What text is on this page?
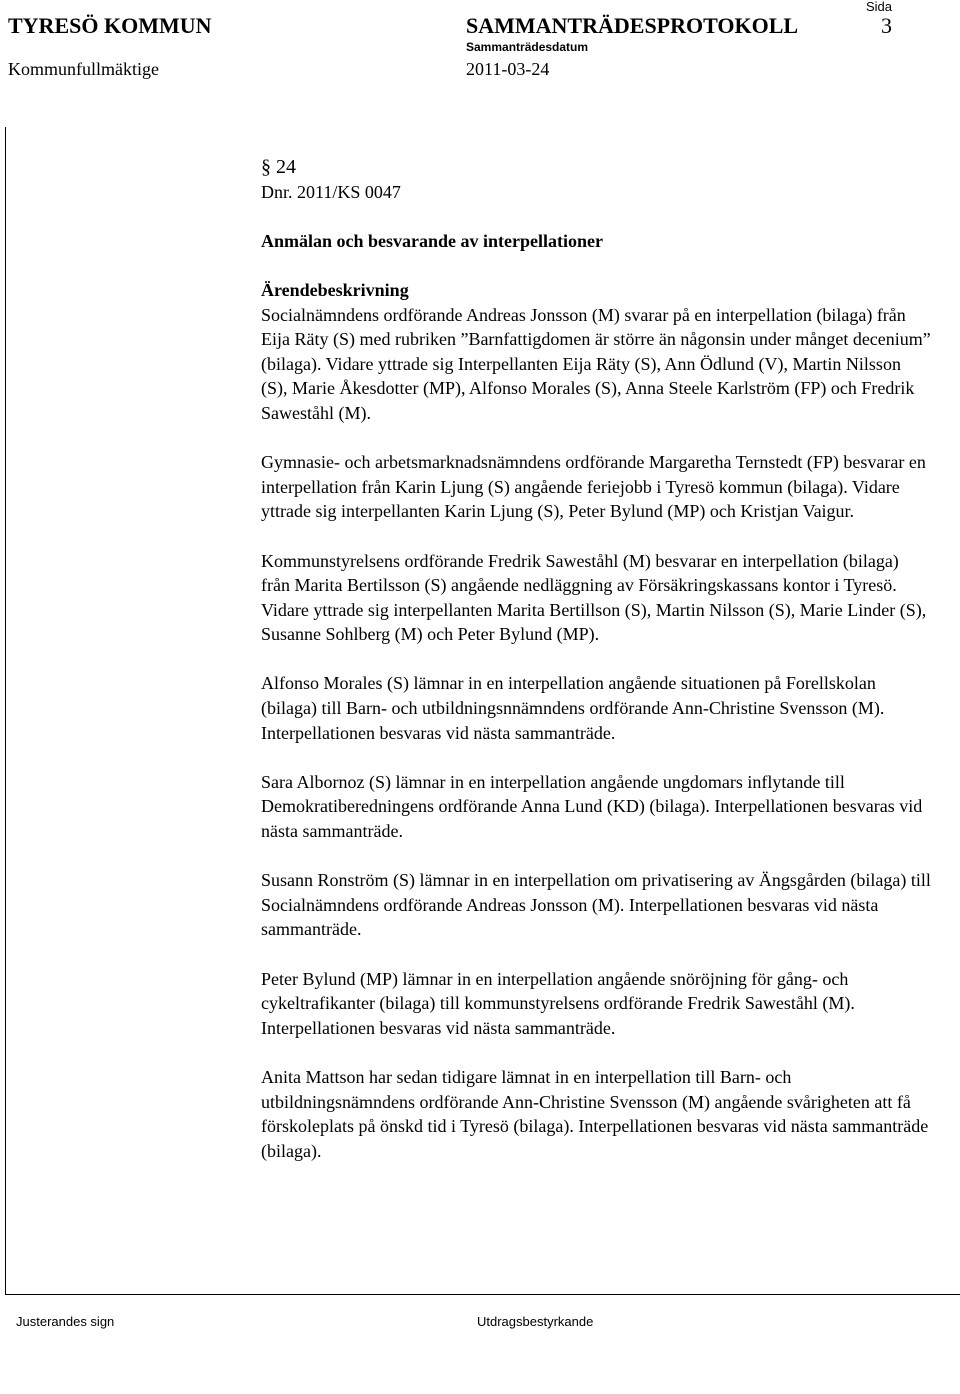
Sida
TYRESÖ KOMMUN	SAMMANTRÄDESPROTOKOLL	3
Sammanträdesdatum
Kommunfullmäktige	2011-03-24

§ 24

Dnr. 2011/KS 0047

Anmälan och besvarande av interpellationer

Ärendebeskrivning

Socialnämndens ordförande Andreas Jonsson (M) svarar på en interpellation (bilaga) från Eija Räty (S) med rubriken ”Barnfattigdomen är större än någonsin under månget decenium” (bilaga). Vidare yttrade sig Interpellanten Eija Räty (S), Ann Ödlund (V), Martin Nilsson (S), Marie Åkesdotter (MP), Alfonso Morales (S), Anna Steele Karlström (FP) och Fredrik Saweståhl (M).

Gymnasie- och arbetsmarknadsnämndens ordförande Margaretha Ternstedt (FP) besvarar en interpellation från Karin Ljung (S) angående feriejobb i Tyresö kommun (bilaga). Vidare yttrade sig interpellanten Karin Ljung (S), Peter Bylund (MP) och Kristjan Vaigur.

Kommunstyrelsens ordförande Fredrik Saweståhl (M) besvarar en interpellation (bilaga) från Marita Bertilsson (S) angående nedläggning av Försäkringskassans kontor i Tyresö. Vidare yttrade sig interpellanten Marita Bertillson (S), Martin Nilsson (S), Marie Linder (S), Susanne Sohlberg (M) och Peter Bylund (MP).

Alfonso Morales (S) lämnar in en interpellation angående situationen på Forellskolan (bilaga) till Barn- och utbildningsnnämndens ordförande Ann-Christine Svensson (M). Interpellationen besvaras vid nästa sammanträde.

Sara Albornoz (S) lämnar in en interpellation angående ungdomars inflytande till Demokratiberedningens ordförande Anna Lund (KD) (bilaga). Interpellationen besvaras vid nästa sammanträde.

Susann Ronström (S) lämnar in en interpellation om privatisering av Ängsgården (bilaga) till Socialnämndens ordförande Andreas Jonsson (M). Interpellationen besvaras vid nästa sammanträde.

Peter Bylund (MP) lämnar in en interpellation angående snöröjning för gång- och cykeltrafikanter (bilaga) till kommunstyrelsens ordförande Fredrik Saweståhl (M). Interpellationen besvaras vid nästa sammanträde.

Anita Mattson har sedan tidigare lämnat in en interpellation till Barn- och utbildningsnämndens ordförande Ann-Christine Svensson (M) angående svårigheten att få förskoleplats på önskd tid i Tyresö (bilaga). Interpellationen besvaras vid nästa sammanträde (bilaga).

Justerandes sign	Utdragsbestyrkande
